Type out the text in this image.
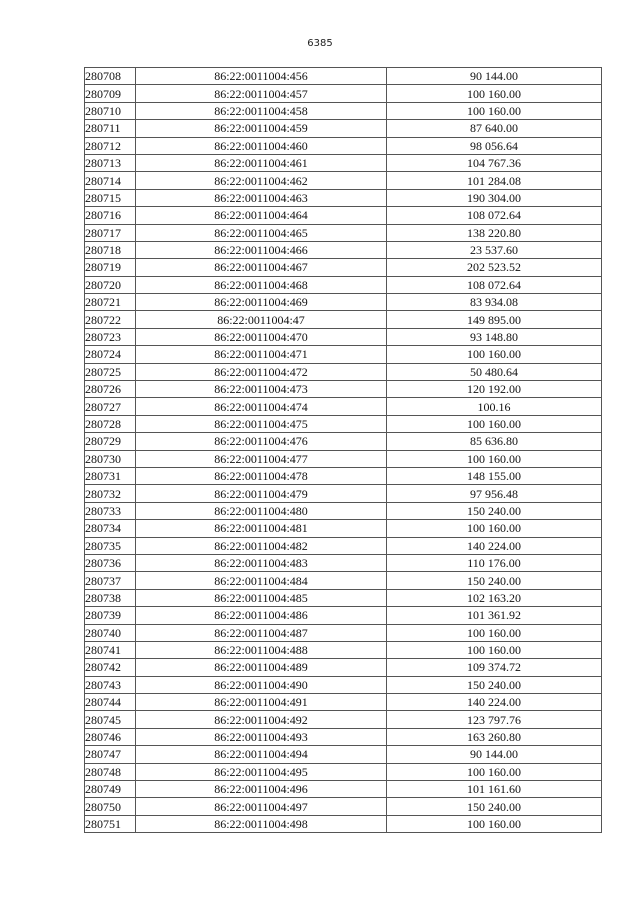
6385
280708	86:22:0011004:456	90 144.00
280709	86:22:0011004:457	100 160.00
280710	86:22:0011004:458	100 160.00
280711	86:22:0011004:459	87 640.00
280712	86:22:0011004:460	98 056.64
280713	86:22:0011004:461	104 767.36
280714	86:22:0011004:462	101 284.08
280715	86:22:0011004:463	190 304.00
280716	86:22:0011004:464	108 072.64
280717	86:22:0011004:465	138 220.80
280718	86:22:0011004:466	23 537.60
280719	86:22:0011004:467	202 523.52
280720	86:22:0011004:468	108 072.64
280721	86:22:0011004:469	83 934.08
280722	86:22:0011004:47	149 895.00
280723	86:22:0011004:470	93 148.80
280724	86:22:0011004:471	100 160.00
280725	86:22:0011004:472	50 480.64
280726	86:22:0011004:473	120 192.00
280727	86:22:0011004:474	100.16
280728	86:22:0011004:475	100 160.00
280729	86:22:0011004:476	85 636.80
280730	86:22:0011004:477	100 160.00
280731	86:22:0011004:478	148 155.00
280732	86:22:0011004:479	97 956.48
280733	86:22:0011004:480	150 240.00
280734	86:22:0011004:481	100 160.00
280735	86:22:0011004:482	140 224.00
280736	86:22:0011004:483	110 176.00
280737	86:22:0011004:484	150 240.00
280738	86:22:0011004:485	102 163.20
280739	86:22:0011004:486	101 361.92
280740	86:22:0011004:487	100 160.00
280741	86:22:0011004:488	100 160.00
280742	86:22:0011004:489	109 374.72
280743	86:22:0011004:490	150 240.00
280744	86:22:0011004:491	140 224.00
280745	86:22:0011004:492	123 797.76
280746	86:22:0011004:493	163 260.80
280747	86:22:0011004:494	90 144.00
280748	86:22:0011004:495	100 160.00
280749	86:22:0011004:496	101 161.60
280750	86:22:0011004:497	150 240.00
280751	86:22:0011004:498	100 160.00
